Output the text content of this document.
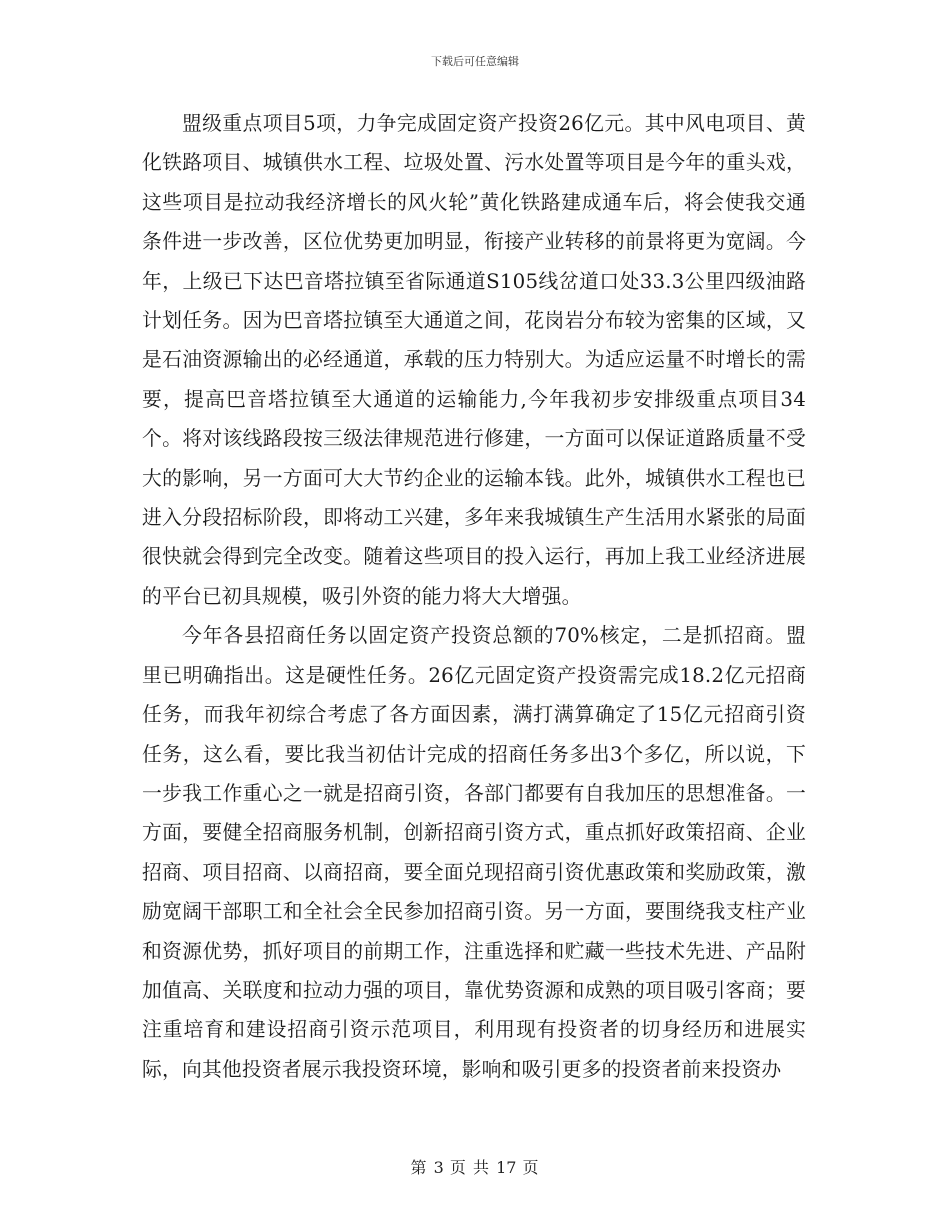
下载后可任意编辑

盟级重点项目5项，力争完成固定资产投资26亿元。其中风电项目、黄化铁路项目、城镇供水工程、垃圾处置、污水处置等项目是今年的重头戏，这些项目是拉动我经济增长的风火轮”黄化铁路建成通车后，将会使我交通条件进一步改善，区位优势更加明显，衔接产业转移的前景将更为宽阔。今年，上级已下达巴音塔拉镇至省际通道S105线岔道口处33.3公里四级油路计划任务。因为巴音塔拉镇至大通道之间，花岗岩分布较为密集的区域，又是石油资源输出的必经通道，承载的压力特别大。为适应运量不时增长的需要，提高巴音塔拉镇至大通道的运输能力,今年我初步安排级重点项目34个。将对该线路段按三级法律规范进行修建，一方面可以保证道路质量不受大的影响，另一方面可大大节约企业的运输本钱。此外，城镇供水工程也已进入分段招标阶段，即将动工兴建，多年来我城镇生产生活用水紧张的局面很快就会得到完全改变。随着这些项目的投入运行，再加上我工业经济进展的平台已初具规模，吸引外资的能力将大大增强。

今年各县招商任务以固定资产投资总额的70%核定，二是抓招商。盟里已明确指出。这是硬性任务。26亿元固定资产投资需完成18.2亿元招商任务，而我年初综合考虑了各方面因素，满打满算确定了15亿元招商引资任务，这么看，要比我当初估计完成的招商任务多出3个多亿，所以说，下一步我工作重心之一就是招商引资，各部门都要有自我加压的思想准备。一方面，要健全招商服务机制，创新招商引资方式，重点抓好政策招商、企业招商、项目招商、以商招商，要全面兑现招商引资优惠政策和奖励政策，激励宽阔干部职工和全社会全民参加招商引资。另一方面，要围绕我支柱产业和资源优势，抓好项目的前期工作，注重选择和贮藏一些技术先进、产品附加值高、关联度和拉动力强的项目，靠优势资源和成熟的项目吸引客商；要注重培育和建设招商引资示范项目，利用现有投资者的切身经历和进展实际，向其他投资者展示我投资环境，影响和吸引更多的投资者前来投资办

第 3 页 共 17 页
